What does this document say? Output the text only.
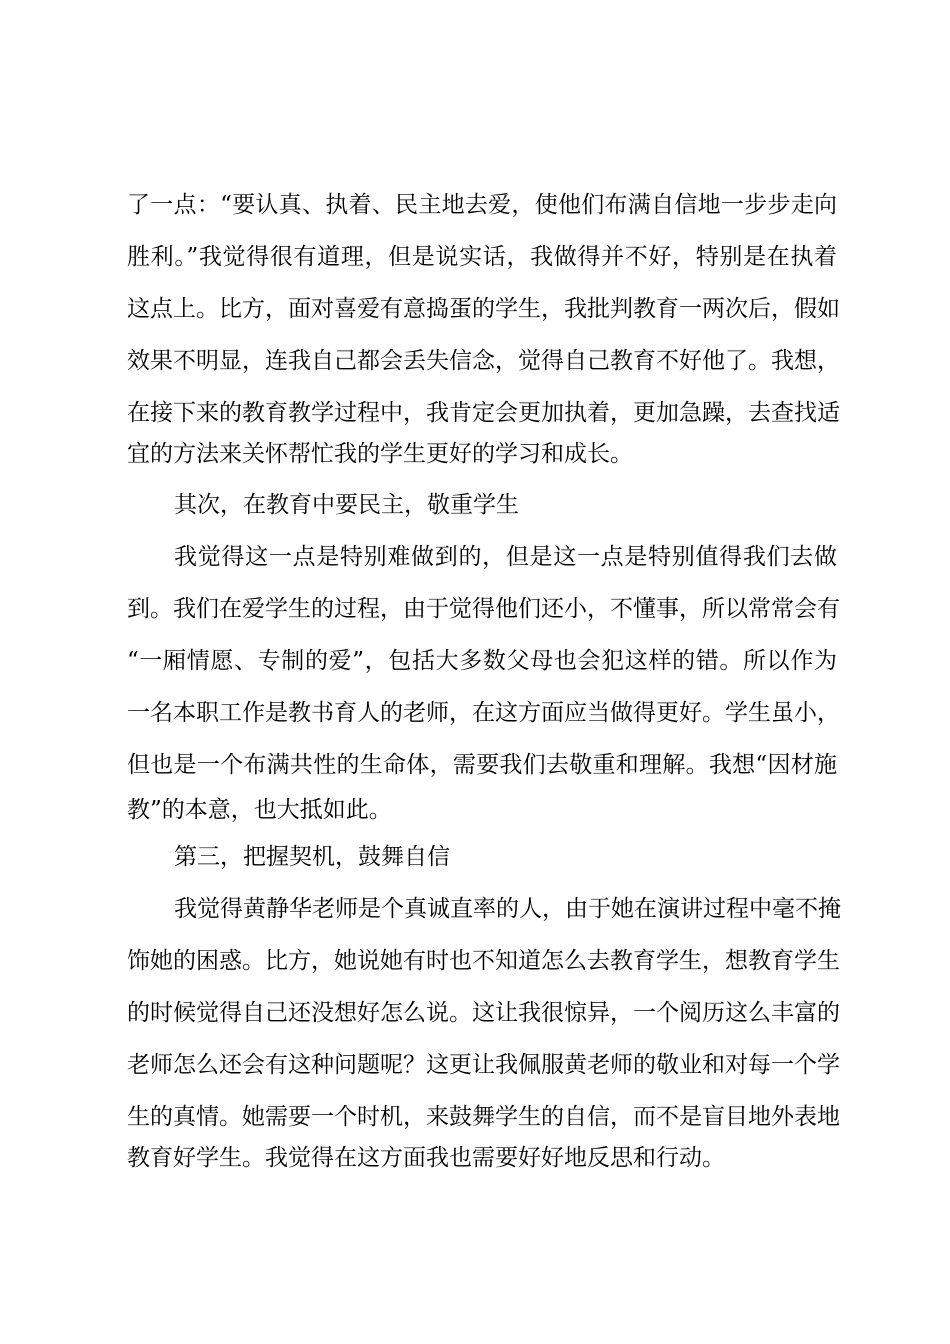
了一点：“要认真、执着、民主地去爱，使他们布满自信地一步步走向
胜利。”我觉得很有道理，但是说实话，我做得并不好，特别是在执着
这点上。比方，面对喜爱有意捣蛋的学生，我批判教育一两次后，假如
效果不明显，连我自己都会丢失信念，觉得自己教育不好他了。我想，
在接下来的教育教学过程中，我肯定会更加执着，更加急躁，去查找适
宜的方法来关怀帮忙我的学生更好的学习和成长。
其次，在教育中要民主，敬重学生
我觉得这一点是特别难做到的，但是这一点是特别值得我们去做
到。我们在爱学生的过程，由于觉得他们还小，不懂事，所以常常会有
“一厢情愿、专制的爱”，包括大多数父母也会犯这样的错。所以作为
一名本职工作是教书育人的老师，在这方面应当做得更好。学生虽小，
但也是一个布满共性的生命体，需要我们去敬重和理解。我想“因材施
教”的本意，也大抵如此。
第三，把握契机，鼓舞自信
我觉得黄静华老师是个真诚直率的人，由于她在演讲过程中毫不掩
饰她的困惑。比方，她说她有时也不知道怎么去教育学生，想教育学生
的时候觉得自己还没想好怎么说。这让我很惊异，一个阅历这么丰富的
老师怎么还会有这种问题呢？这更让我佩服黄老师的敬业和对每一个学
生的真情。她需要一个时机，来鼓舞学生的自信，而不是盲目地外表地
教育好学生。我觉得在这方面我也需要好好地反思和行动。
